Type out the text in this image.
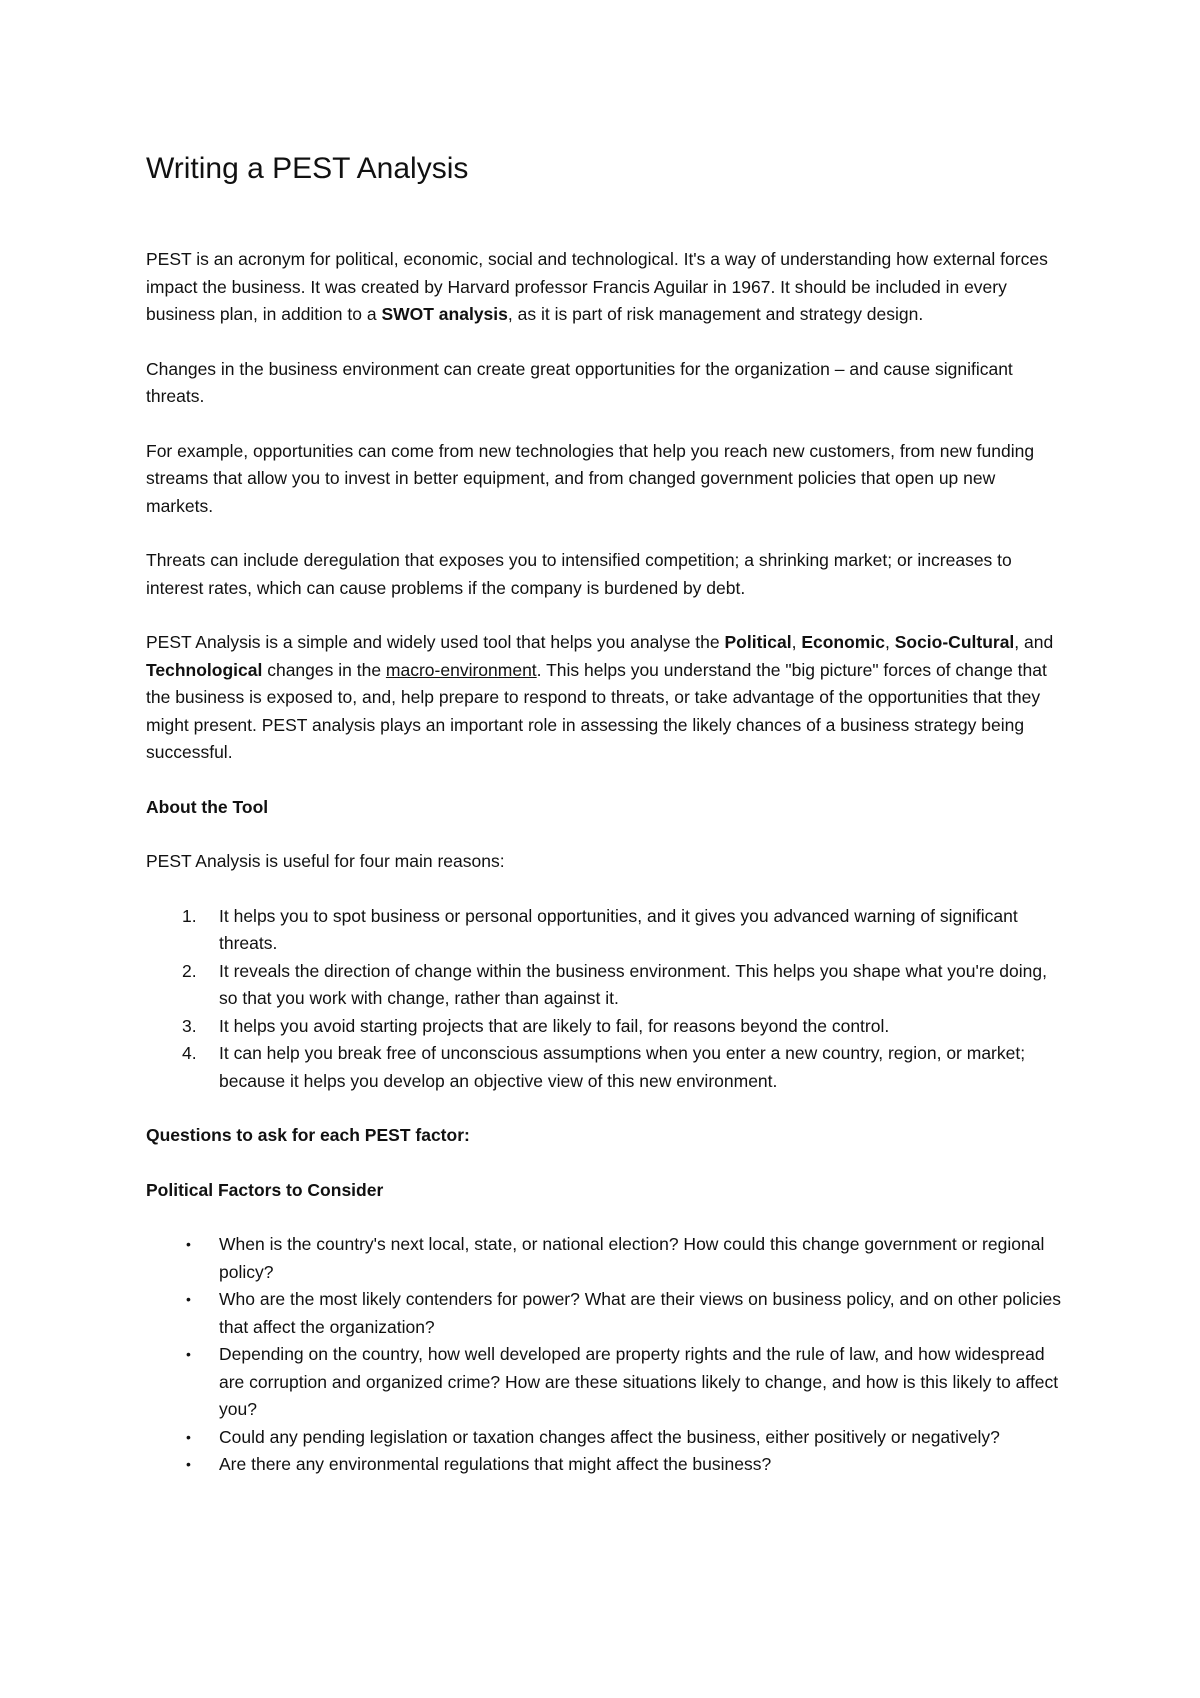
Writing a PEST Analysis

PEST is an acronym for political, economic, social and technological. It's a way of understanding how external forces impact the business. It was created by Harvard professor Francis Aguilar in 1967. It should be included in every business plan, in addition to a SWOT analysis, as it is part of risk management and strategy design.

Changes in the business environment can create great opportunities for the organization – and cause significant threats.

For example, opportunities can come from new technologies that help you reach new customers, from new funding streams that allow you to invest in better equipment, and from changed government policies that open up new markets.

Threats can include deregulation that exposes you to intensified competition; a shrinking market; or increases to interest rates, which can cause problems if the company is burdened by debt.

PEST Analysis is a simple and widely used tool that helps you analyse the Political, Economic, Socio-Cultural, and Technological changes in the macro-environment. This helps you understand the "big picture" forces of change that the business is exposed to, and, help prepare to respond to threats, or take advantage of the opportunities that they might present. PEST analysis plays an important role in assessing the likely chances of a business strategy being successful.

About the Tool

PEST Analysis is useful for four main reasons:

1. It helps you to spot business or personal opportunities, and it gives you advanced warning of significant threats.
2. It reveals the direction of change within the business environment. This helps you shape what you're doing, so that you work with change, rather than against it.
3. It helps you avoid starting projects that are likely to fail, for reasons beyond the control.
4. It can help you break free of unconscious assumptions when you enter a new country, region, or market; because it helps you develop an objective view of this new environment.

Questions to ask for each PEST factor:

Political Factors to Consider

• When is the country's next local, state, or national election? How could this change government or regional policy?
• Who are the most likely contenders for power? What are their views on business policy, and on other policies that affect the organization?
• Depending on the country, how well developed are property rights and the rule of law, and how widespread are corruption and organized crime? How are these situations likely to change, and how is this likely to affect you?
• Could any pending legislation or taxation changes affect the business, either positively or negatively?
• Are there any environmental regulations that might affect the business?
